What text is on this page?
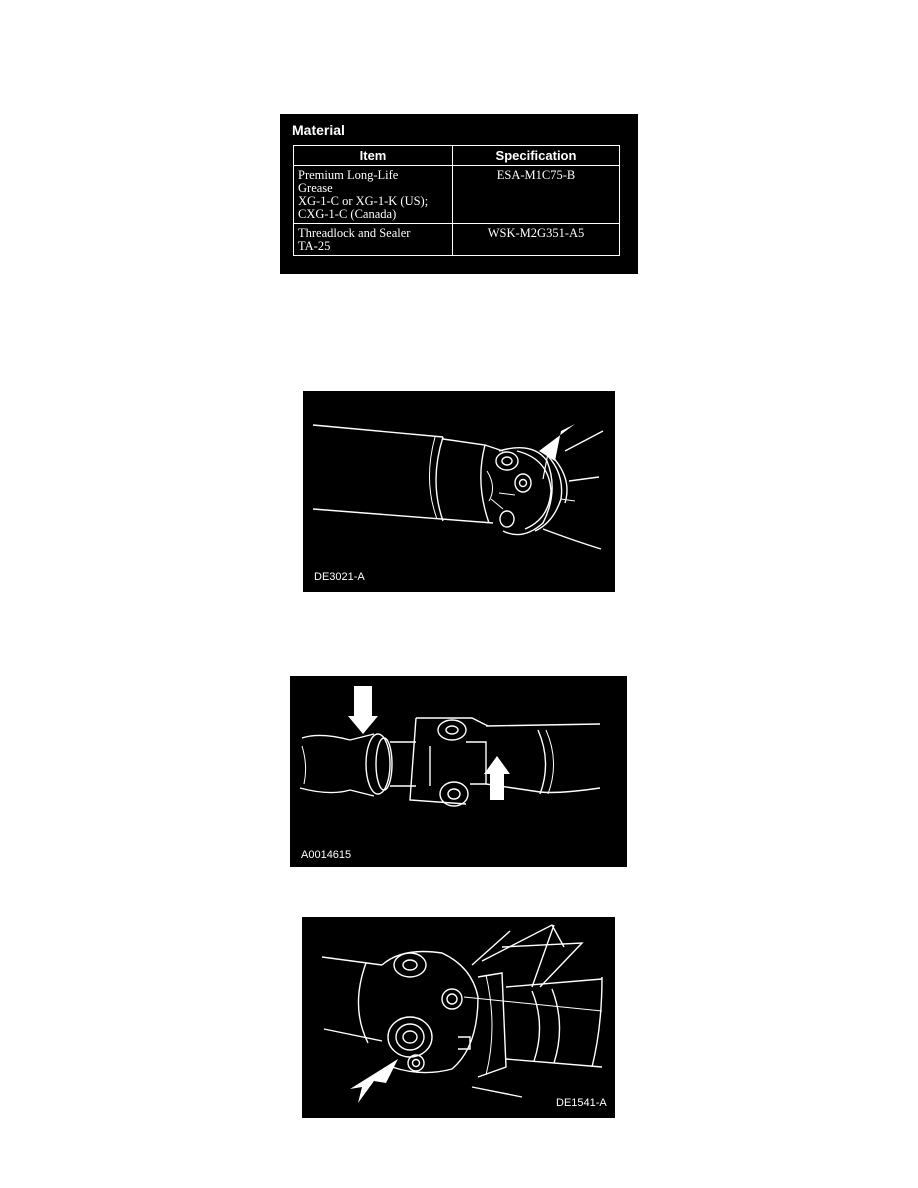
Material
Item	Specification

Premium Long-Life
Grease
XG-1-C or XG-1-K (US);
CXG-1-C (Canada)	ESA-M1C75-B

Threadlock and Sealer
TA-25	WSK-M2G351-A5
DE3021-A
A0014615
DE1541-A
